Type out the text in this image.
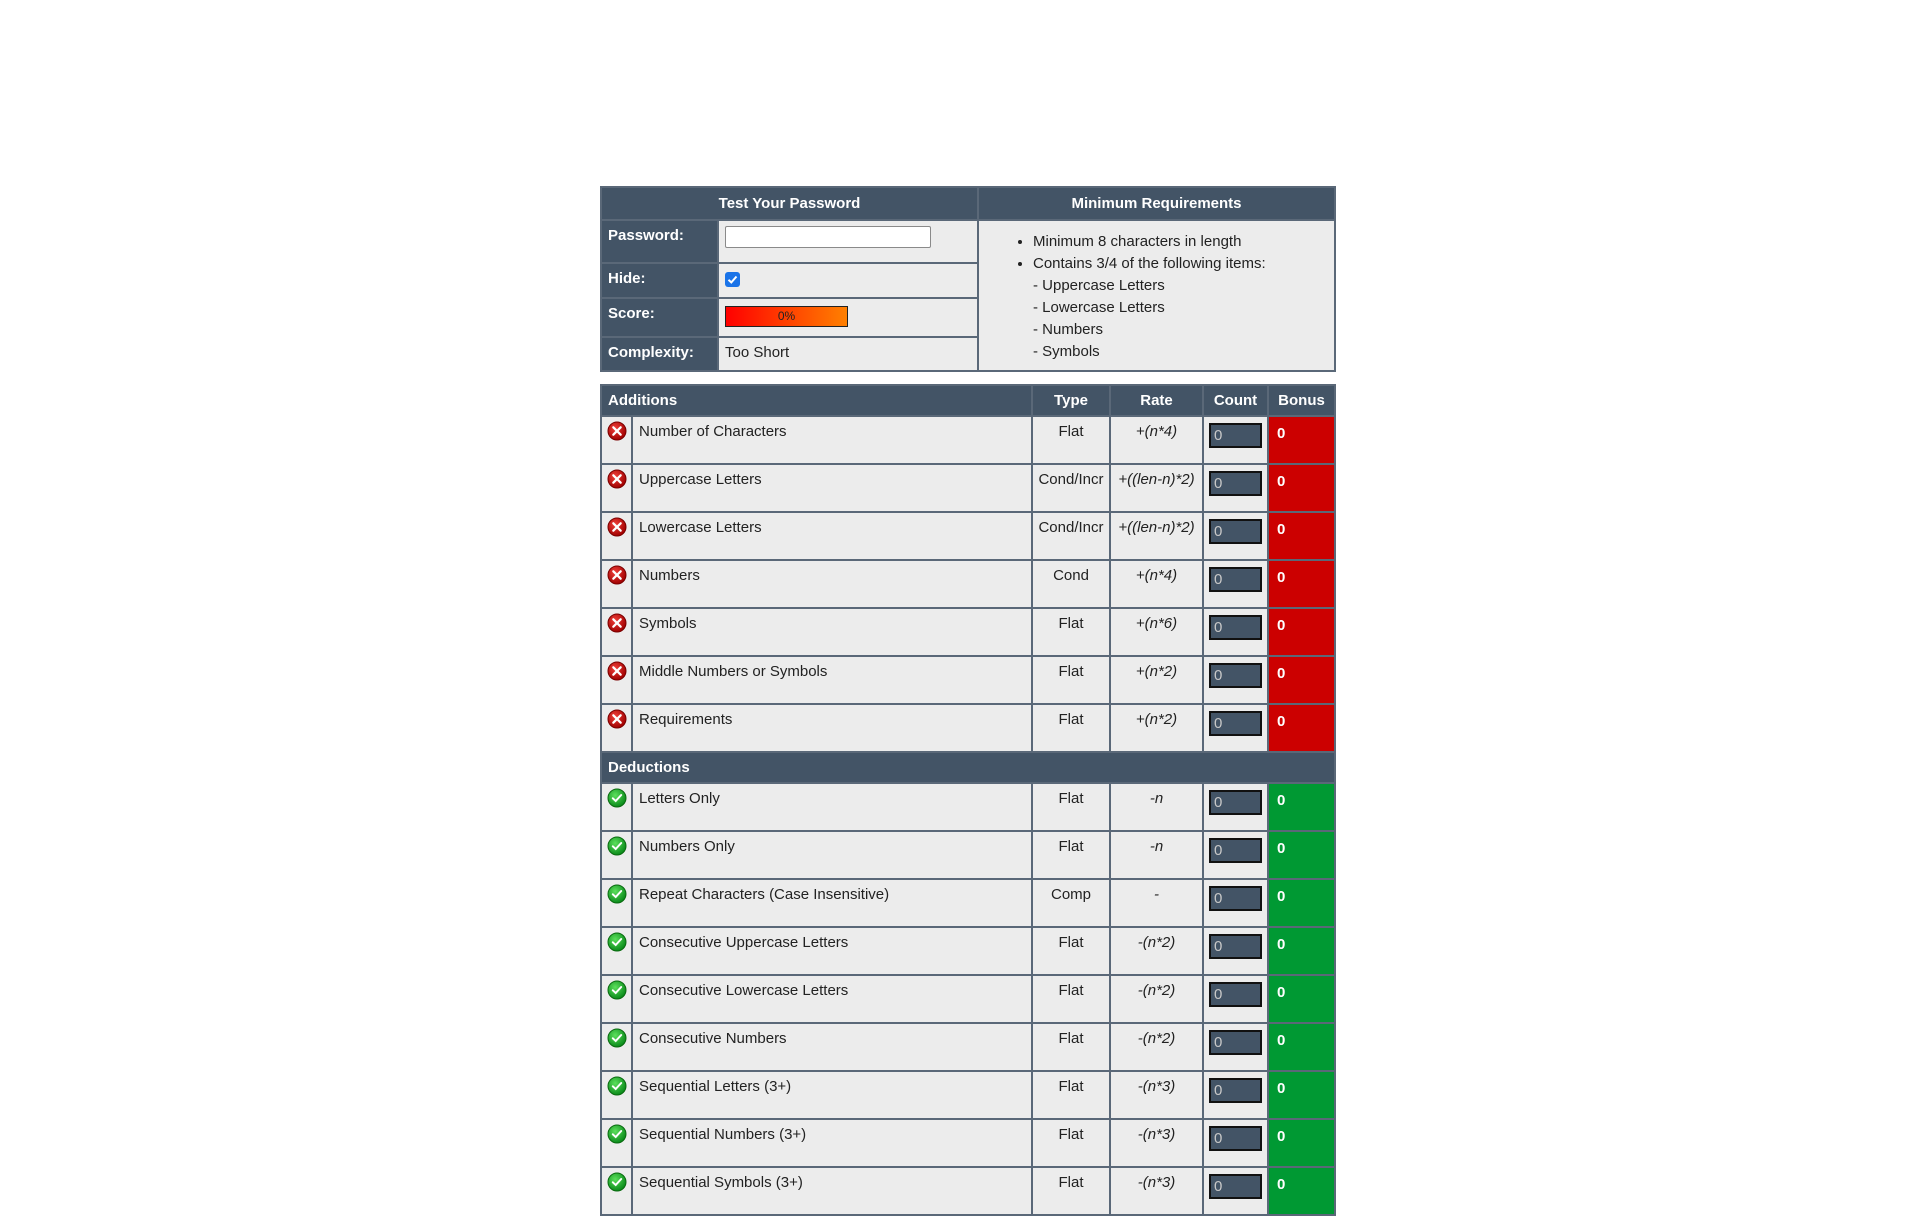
Test Your Password		Minimum Requirements
Password:		
•Minimum 8 characters in length
• Contains 3/4 of the following items:
- Uppercase Letters
- Lowercase Letters
- Numbers
- Symbols

Hide:	

Score:	0%	

Complexity:	Too Short	
Additions		Type	Rate	Count	Bonus
	Number of Characters	Flat	+(n*4)	0	0
	Uppercase Letters	Cond/Incr	+((len-n)*2)	0	0
	Lowercase Letters	Cond/Incr	+((len-n)*2)	0	0
	Numbers	Cond	+(n*4)	0	0
	Symbols	Flat	+(n*6)	0	0
	Middle Numbers or Symbols	Flat	+(n*2)	0	0
	Requirements	Flat	+(n*2)	0	0
Deductions					
	Letters Only	Flat	-n	0	0
	Numbers Only	Flat	-n	0	0
	Repeat Characters (Case Insensitive)	Comp	-	0	0
	Consecutive Uppercase Letters	Flat	-(n*2)	0	0
	Consecutive Lowercase Letters	Flat	-(n*2)	0	0
	Consecutive Numbers	Flat	-(n*2)	0	0
	Sequential Letters (3+)	Flat	-(n*3)	0	0
	Sequential Numbers (3+)	Flat	-(n*3)	0	0
	Sequential Symbols (3+)	Flat	-(n*3)	0	0
